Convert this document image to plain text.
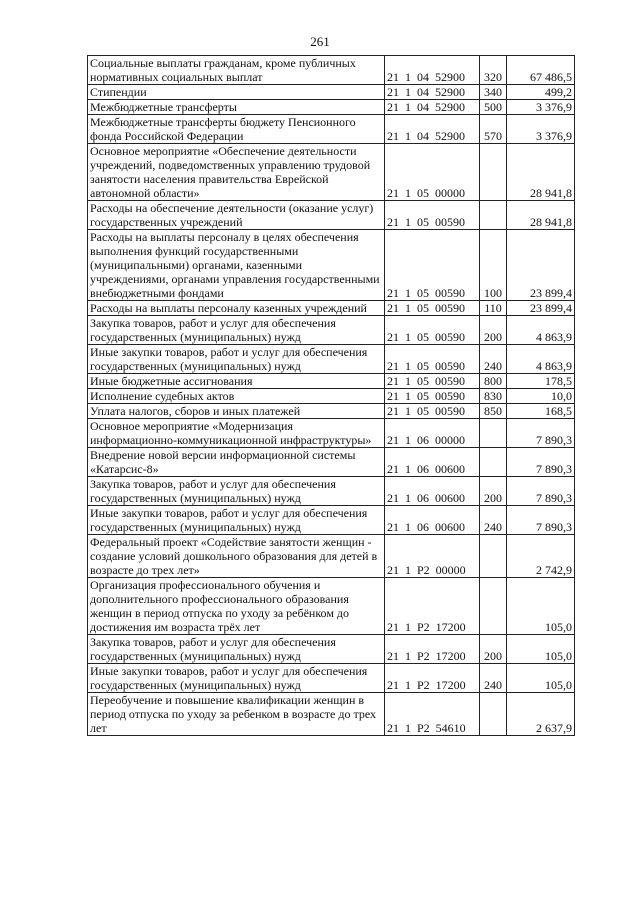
261
Социальные выплаты гражданам, кроме публичных нормативных социальных выплат	21 1 04 52900	320	67 486,5
Стипендии	21 1 04 52900	340	499,2
Межбюджетные трансферты	21 1 04 52900	500	3 376,9
Межбюджетные трансферты бюджету Пенсионного фонда Российской Федерации	21 1 04 52900	570	3 376,9
Основное мероприятие «Обеспечение деятельности учреждений, подведомственных управлению трудовой занятости населения правительства Еврейской автономной области»	21 1 05 00000		28 941,8
Расходы на обеспечение деятельности (оказание услуг) государственных учреждений	21 1 05 00590		28 941,8
Расходы на выплаты персоналу в целях обеспечения выполнения функций государственными (муниципальными) органами, казенными учреждениями, органами управления государственными внебюджетными фондами	21 1 05 00590	100	23 899,4
Расходы на выплаты персоналу казенных учреждений	21 1 05 00590	110	23 899,4
Закупка товаров, работ и услуг для обеспечения государственных (муниципальных) нужд	21 1 05 00590	200	4 863,9
Иные закупки товаров, работ и услуг для обеспечения государственных (муниципальных) нужд	21 1 05 00590	240	4 863,9
Иные бюджетные ассигнования	21 1 05 00590	800	178,5
Исполнение судебных актов	21 1 05 00590	830	10,0
Уплата налогов, сборов и иных платежей	21 1 05 00590	850	168,5
Основное мероприятие «Модернизация информационно-коммуникационной инфраструктуры»	21 1 06 00000		7 890,3
Внедрение новой версии информационной системы «Катарсис-8»	21 1 06 00600		7 890,3
Закупка товаров, работ и услуг для обеспечения государственных (муниципальных) нужд	21 1 06 00600	200	7 890,3
Иные закупки товаров, работ и услуг для обеспечения государственных (муниципальных) нужд	21 1 06 00600	240	7 890,3
Федеральный проект «Содействие занятости женщин - создание условий дошкольного образования для детей в возрасте до трех лет»	21 1 P2 00000		2 742,9
Организация профессионального обучения и дополнительного профессионального образования женщин в период отпуска по уходу за ребёнком до достижения им возраста трёх лет	21 1 P2 17200		105,0
Закупка товаров, работ и услуг для обеспечения государственных (муниципальных) нужд	21 1 P2 17200	200	105,0
Иные закупки товаров, работ и услуг для обеспечения государственных (муниципальных) нужд	21 1 P2 17200	240	105,0
Переобучение и повышение квалификации женщин в период отпуска по уходу за ребенком в возрасте до трех лет	21 1 P2 54610		2 637,9
